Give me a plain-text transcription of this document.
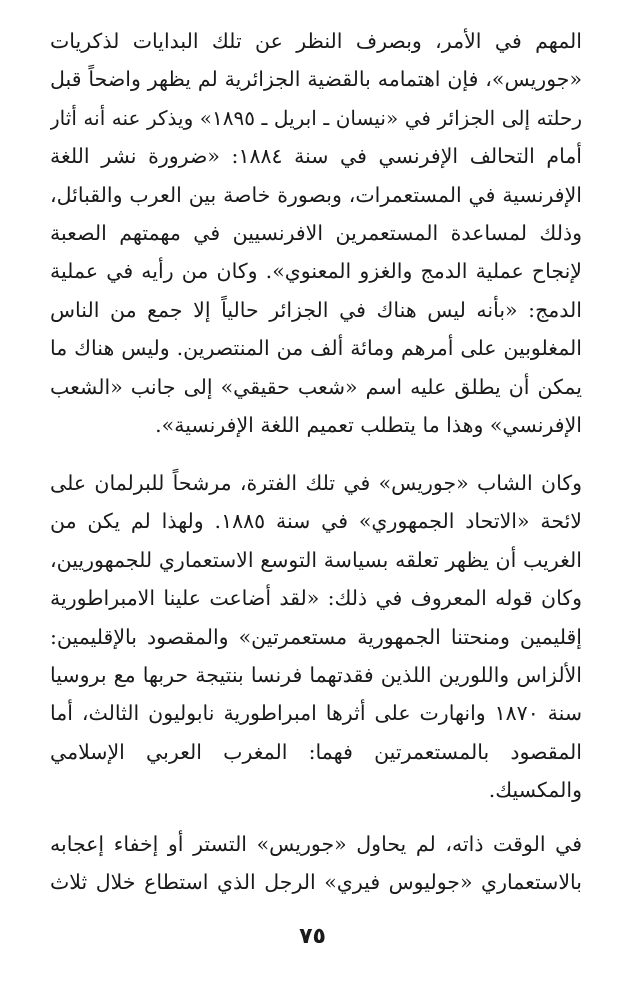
المهم في الأمر، وبصرف النظر عن تلك البدايات لذكريات
«جوريس»، فإن اهتمامه بالقضية الجزائرية لم يظهر واضحاً قبل
رحلته إلى الجزائر في «نيسان ـ ابريل ـ ١٨٩٥» ويذكر عنه أنه أثار
أمام التحالف الإفرنسي في سنة ١٨٨٤: «ضرورة نشر اللغة
الإفرنسية في المستعمرات، وبصورة خاصة بين العرب والقبائل،
وذلك لمساعدة المستعمرين الافرنسيين في مهمتهم الصعبة
لإنجاح عملية الدمج والغزو المعنوي». وكان من رأيه في عملية
الدمج: «بأنه ليس هناك في الجزائر حالياً إلا جمع من الناس
المغلوبين على أمرهم ومائة ألف من المنتصرين. وليس هناك ما
يمكن أن يطلق عليه اسم «شعب حقيقي» إلى جانب «الشعب
الإفرنسي» وهذا ما يتطلب تعميم اللغة الإفرنسية».
وكان الشاب «جوريس» في تلك الفترة، مرشحاً للبرلمان على
لائحة «الاتحاد الجمهوري» في سنة ١٨٨٥. ولهذا لم يكن من
الغريب أن يظهر تعلقه بسياسة التوسع الاستعماري للجمهوريين،
وكان قوله المعروف في ذلك: «لقد أضاعت علينا الامبراطورية
إقليمين ومنحتنا الجمهورية مستعمرتين» والمقصود بالإقليمين:
الألزاس واللورين اللذين فقدتهما فرنسا بنتيجة حربها مع بروسيا
سنة ١٨٧٠ وانهارت على أثرها امبراطورية نابوليون الثالث، أما
المقصود بالمستعمرتين فهما: المغرب العربي الإسلامي
والمكسيك.
في الوقت ذاته، لم يحاول «جوريس» التستر أو إخفاء إعجابه
بالاستعماري «جوليوس فيري» الرجل الذي استطاع خلال ثلاث
٧٥
